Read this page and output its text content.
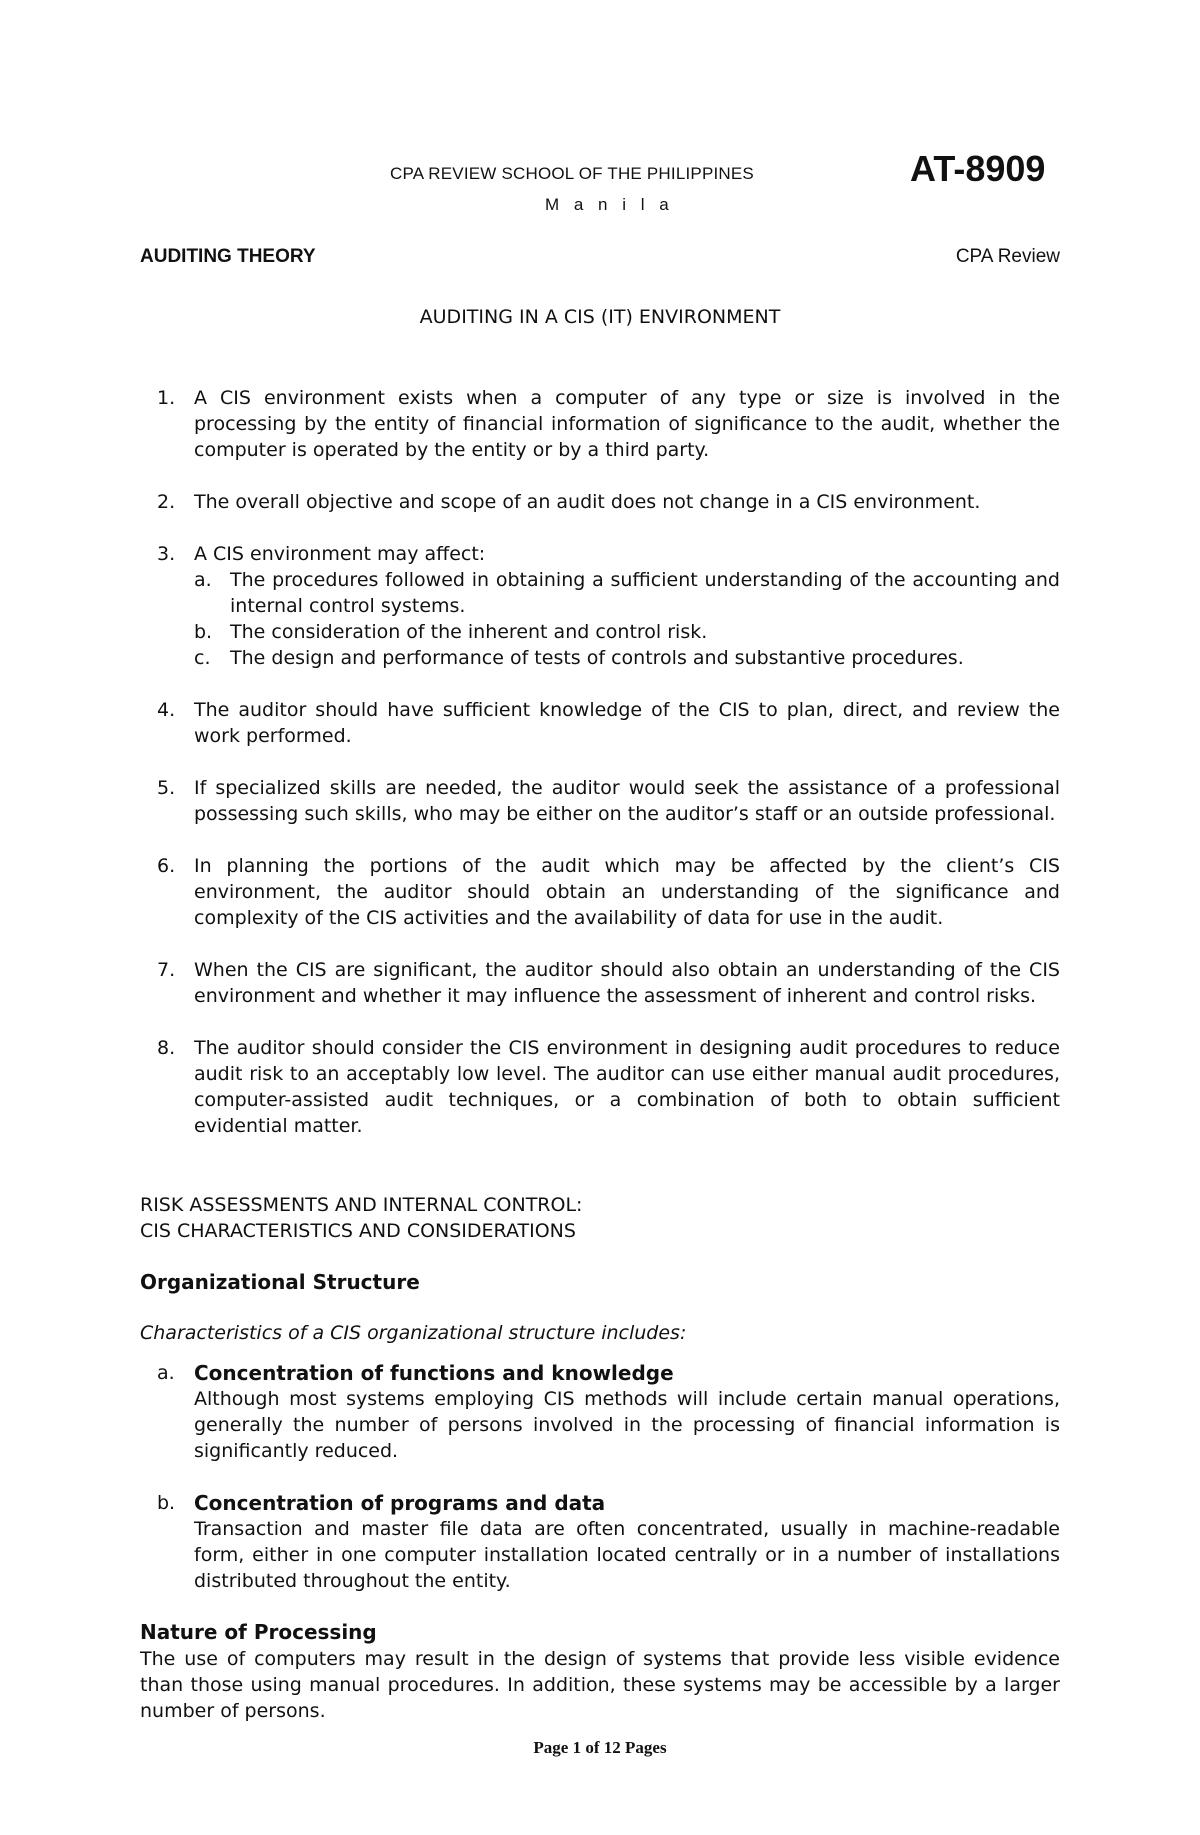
CPA REVIEW SCHOOL OF THE PHILIPPINES
M a n i l a
AT-8909
AUDITING THEORY	CPA Review
AUDITING IN A CIS (IT) ENVIRONMENT
1. A CIS environment exists when a computer of any type or size is involved in the processing by the entity of financial information of significance to the audit, whether the computer is operated by the entity or by a third party.
2. The overall objective and scope of an audit does not change in a CIS environment.
3. A CIS environment may affect:
a. The procedures followed in obtaining a sufficient understanding of the accounting and internal control systems.
b. The consideration of the inherent and control risk.
c. The design and performance of tests of controls and substantive procedures.
4. The auditor should have sufficient knowledge of the CIS to plan, direct, and review the work performed.
5. If specialized skills are needed, the auditor would seek the assistance of a professional possessing such skills, who may be either on the auditor’s staff or an outside professional.
6. In planning the portions of the audit which may be affected by the client’s CIS environment, the auditor should obtain an understanding of the significance and complexity of the CIS activities and the availability of data for use in the audit.
7. When the CIS are significant, the auditor should also obtain an understanding of the CIS environment and whether it may influence the assessment of inherent and control risks.
8. The auditor should consider the CIS environment in designing audit procedures to reduce audit risk to an acceptably low level. The auditor can use either manual audit procedures, computer-assisted audit techniques, or a combination of both to obtain sufficient evidential matter.
RISK ASSESSMENTS AND INTERNAL CONTROL:
CIS CHARACTERISTICS AND CONSIDERATIONS
Organizational Structure
Characteristics of a CIS organizational structure includes:
a. Concentration of functions and knowledge
Although most systems employing CIS methods will include certain manual operations, generally the number of persons involved in the processing of financial information is significantly reduced.
b. Concentration of programs and data
Transaction and master file data are often concentrated, usually in machine-readable form, either in one computer installation located centrally or in a number of installations distributed throughout the entity.
Nature of Processing
The use of computers may result in the design of systems that provide less visible evidence than those using manual procedures. In addition, these systems may be accessible by a larger number of persons.
Page 1 of 12 Pages
